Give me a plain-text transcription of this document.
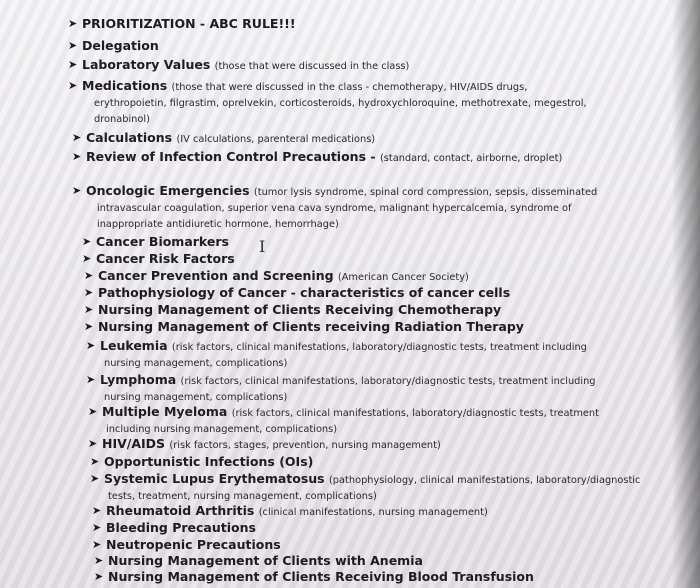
➤ PRIORITIZATION - ABC RULE!!!
➤ Delegation
➤ Laboratory Values (those that were discussed in the class)
➤ Medications (those that were discussed in the class - chemotherapy, HIV/AIDS drugs,
erythropoietin, filgrastim, oprelvekin, corticosteroids, hydroxychloroquine, methotrexate, megestrol,
dronabinol)
➤ Calculations (IV calculations, parenteral medications)
➤ Review of Infection Control Precautions - (standard, contact, airborne, droplet)
➤ Oncologic Emergencies (tumor lysis syndrome, spinal cord compression, sepsis, disseminated
intravascular coagulation, superior vena cava syndrome, malignant hypercalcemia, syndrome of
inappropriate antidiuretic hormone, hemorrhage)
➤ Cancer Biomarkers
➤ Cancer Risk Factors
➤ Cancer Prevention and Screening (American Cancer Society)
➤ Pathophysiology of Cancer - characteristics of cancer cells
➤ Nursing Management of Clients Receiving Chemotherapy
➤ Nursing Management of Clients receiving Radiation Therapy
➤ Leukemia (risk factors, clinical manifestations, laboratory/diagnostic tests, treatment including
nursing management, complications)
➤ Lymphoma (risk factors, clinical manifestations, laboratory/diagnostic tests, treatment including
nursing management, complications)
➤ Multiple Myeloma (risk factors, clinical manifestations, laboratory/diagnostic tests, treatment
including nursing management, complications)
➤ HIV/AIDS (risk factors, stages, prevention, nursing management)
➤ Opportunistic Infections (OIs)
➤ Systemic Lupus Erythematosus (pathophysiology, clinical manifestations, laboratory/diagnostic
tests, treatment, nursing management, complications)
➤ Rheumatoid Arthritis (clinical manifestations, nursing management)
➤ Bleeding Precautions
➤ Neutropenic Precautions
➤ Nursing Management of Clients with Anemia
➤ Nursing Management of Clients Receiving Blood Transfusion
I
